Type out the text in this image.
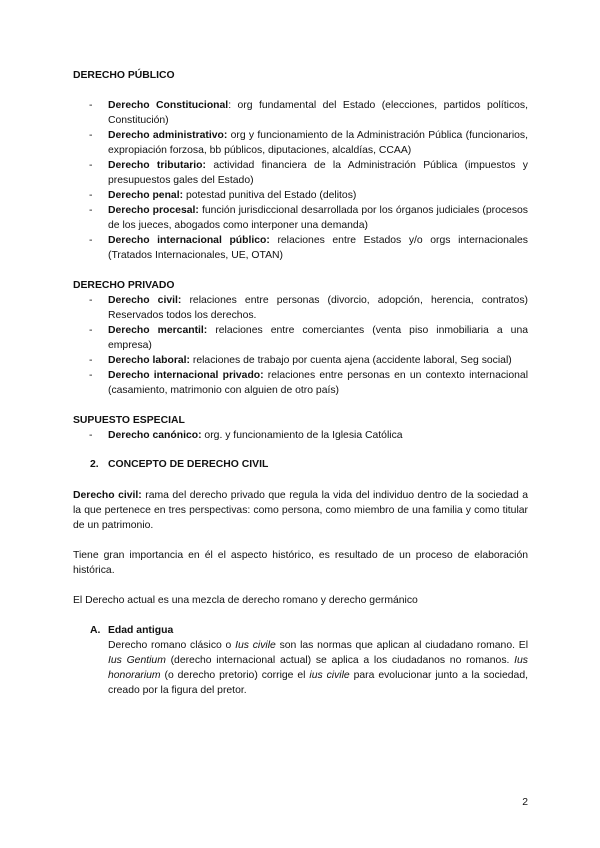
DERECHO PÚBLICO

- Derecho Constitucional: org fundamental del Estado (elecciones, partidos políticos, Constitución)
- Derecho administrativo: org y funcionamiento de la Administración Pública (funcionarios, expropiación forzosa, bb públicos, diputaciones, alcaldías, CCAA)
- Derecho tributario: actividad financiera de la Administración Pública (impuestos y presupuestos gales del Estado)
- Derecho penal: potestad punitiva del Estado (delitos)
- Derecho procesal: función jurisdiccional desarrollada por los órganos judiciales (procesos de los jueces, abogados como interponer una demanda)
- Derecho internacional público: relaciones entre Estados y/o orgs internacionales (Tratados Internacionales, UE, OTAN)

DERECHO PRIVADO

- Derecho civil: relaciones entre personas (divorcio, adopción, herencia, contratos) Reservados todos los derechos.
- Derecho mercantil: relaciones entre comerciantes (venta piso inmobiliaria a una empresa)
- Derecho laboral: relaciones de trabajo por cuenta ajena (accidente laboral, Seg social)
- Derecho internacional privado: relaciones entre personas en un contexto internacional (casamiento, matrimonio con alguien de otro país)

SUPUESTO ESPECIAL

- Derecho canónico: org. y funcionamiento de la Iglesia Católica
2. CONCEPTO DE DERECHO CIVIL

Derecho civil: rama del derecho privado que regula la vida del individuo dentro de la sociedad a la que pertenece en tres perspectivas: como persona, como miembro de una familia y como titular de un patrimonio.

Tiene gran importancia en él el aspecto histórico, es resultado de un proceso de elaboración histórica.

El Derecho actual es una mezcla de derecho romano y derecho germánico

A. Edad antigua
Derecho romano clásico o Ius civile son las normas que aplican al ciudadano romano. El Ius Gentium (derecho internacional actual) se aplica a los ciudadanos no romanos. Ius honorarium (o derecho pretorio) corrige el ius civile para evolucionar junto a la sociedad, creado por la figura del pretor.
2
